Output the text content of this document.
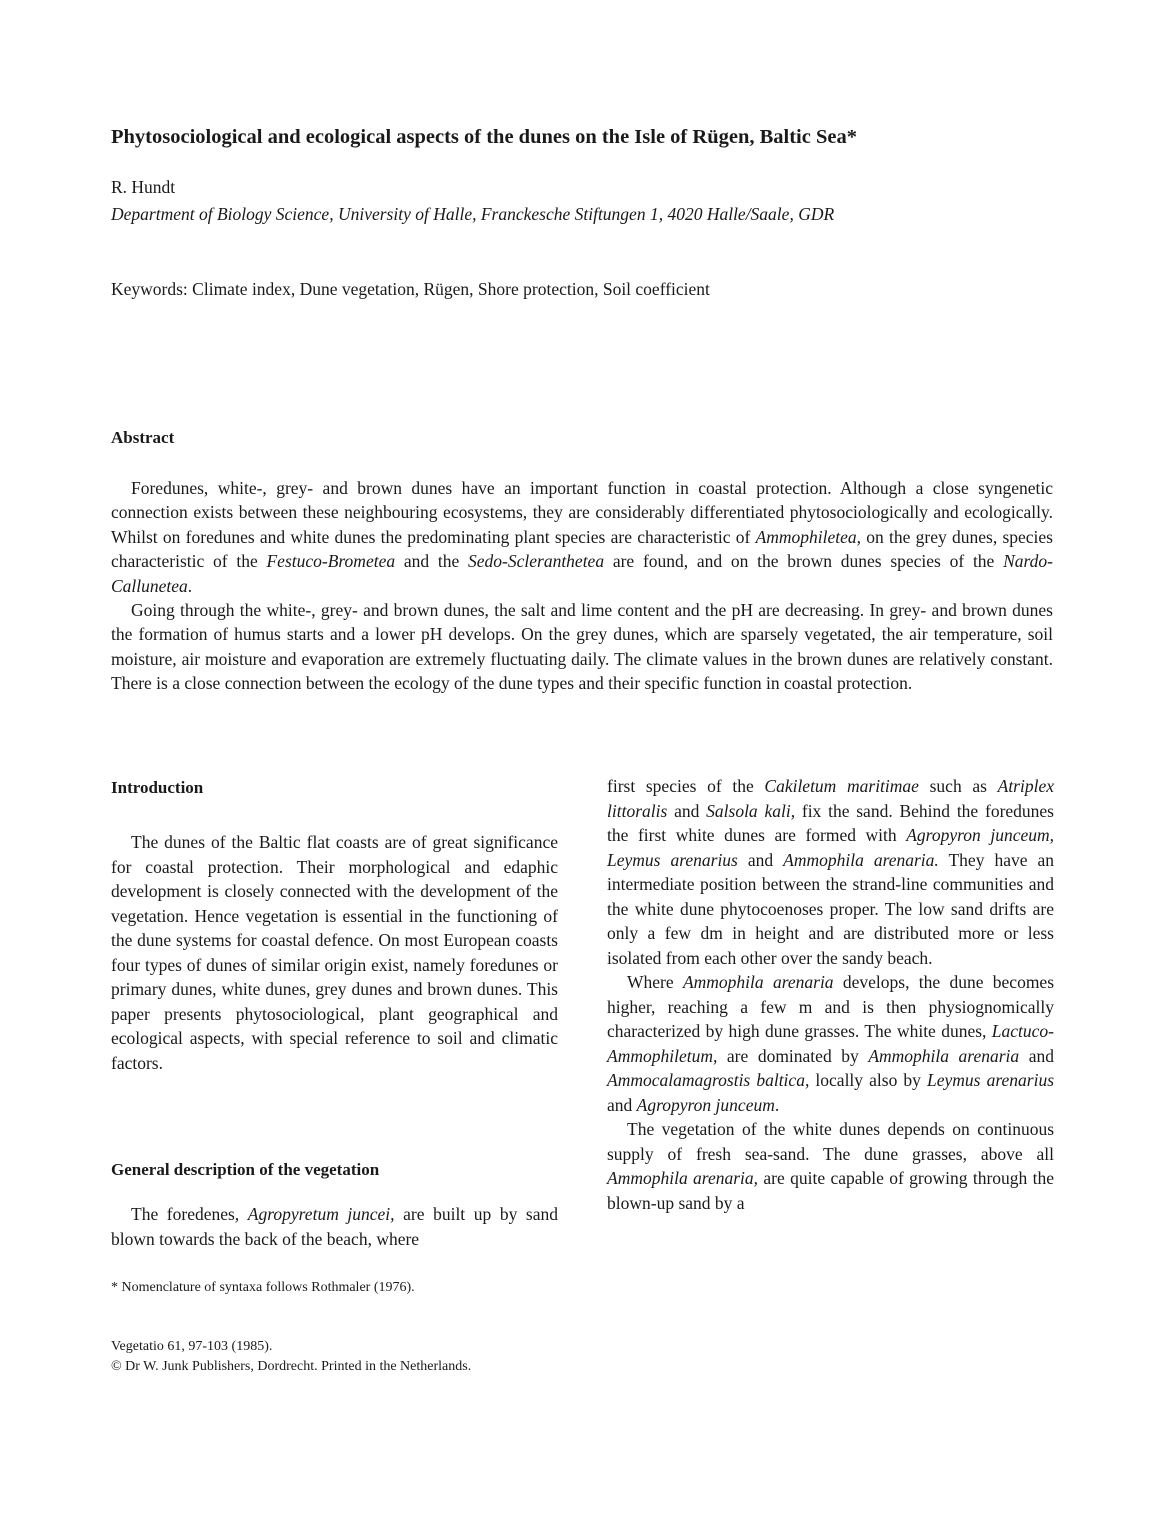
Phytosociological and ecological aspects of the dunes on the Isle of Rügen, Baltic Sea*
R. Hundt
Department of Biology Science, University of Halle, Franckesche Stiftungen 1, 4020 Halle/Saale, GDR
Keywords: Climate index, Dune vegetation, Rügen, Shore protection, Soil coefficient
Abstract

Foredunes, white-, grey- and brown dunes have an important function in coastal protection. Although a close syngenetic connection exists between these neighbouring ecosystems, they are considerably differentiated phytosociologically and ecologically. Whilst on foredunes and white dunes the predominating plant species are characteristic of Ammophiletea, on the grey dunes, species characteristic of the Festuco-Brometea and the Sedo-Scleranthetea are found, and on the brown dunes species of the Nardo-Callunetea.

Going through the white-, grey- and brown dunes, the salt and lime content and the pH are decreasing. In grey- and brown dunes the formation of humus starts and a lower pH develops. On the grey dunes, which are sparsely vegetated, the air temperature, soil moisture, air moisture and evaporation are extremely fluctuating daily. The climate values in the brown dunes are relatively constant. There is a close connection between the ecology of the dune types and their specific function in coastal protection.

Introduction

The dunes of the Baltic flat coasts are of great significance for coastal protection. Their morphological and edaphic development is closely connected with the development of the vegetation. Hence vegetation is essential in the functioning of the dune systems for coastal defence. On most European coasts four types of dunes of similar origin exist, namely foredunes or primary dunes, white dunes, grey dunes and brown dunes. This paper presents phytosociological, plant geographical and ecological aspects, with special reference to soil and climatic factors.

General description of the vegetation

The foredenes, Agropyretum juncei, are built up by sand blown towards the back of the beach, where

* Nomenclature of syntaxa follows Rothmaler (1976).
Vegetatio 61, 97-103 (1985).
© Dr W. Junk Publishers, Dordrecht. Printed in the Netherlands.

first species of the Cakiletum maritimae such as Atriplex littoralis and Salsola kali, fix the sand. Behind the foredunes the first white dunes are formed with Agropyron junceum, Leymus arenarius and Ammophila arenaria. They have an intermediate position between the strand-line communities and the white dune phytocoenoses proper. The low sand drifts are only a few dm in height and are distributed more or less isolated from each other over the sandy beach.

Where Ammophila arenaria develops, the dune becomes higher, reaching a few m and is then physiognomically characterized by high dune grasses. The white dunes, Lactuco-Ammophiletum, are dominated by Ammophila arenaria and Ammocalamagrostis baltica, locally also by Leymus arenarius and Agropyron junceum.

The vegetation of the white dunes depends on continuous supply of fresh sea-sand. The dune grasses, above all Ammophila arenaria, are quite capable of growing through the blown-up sand by a
